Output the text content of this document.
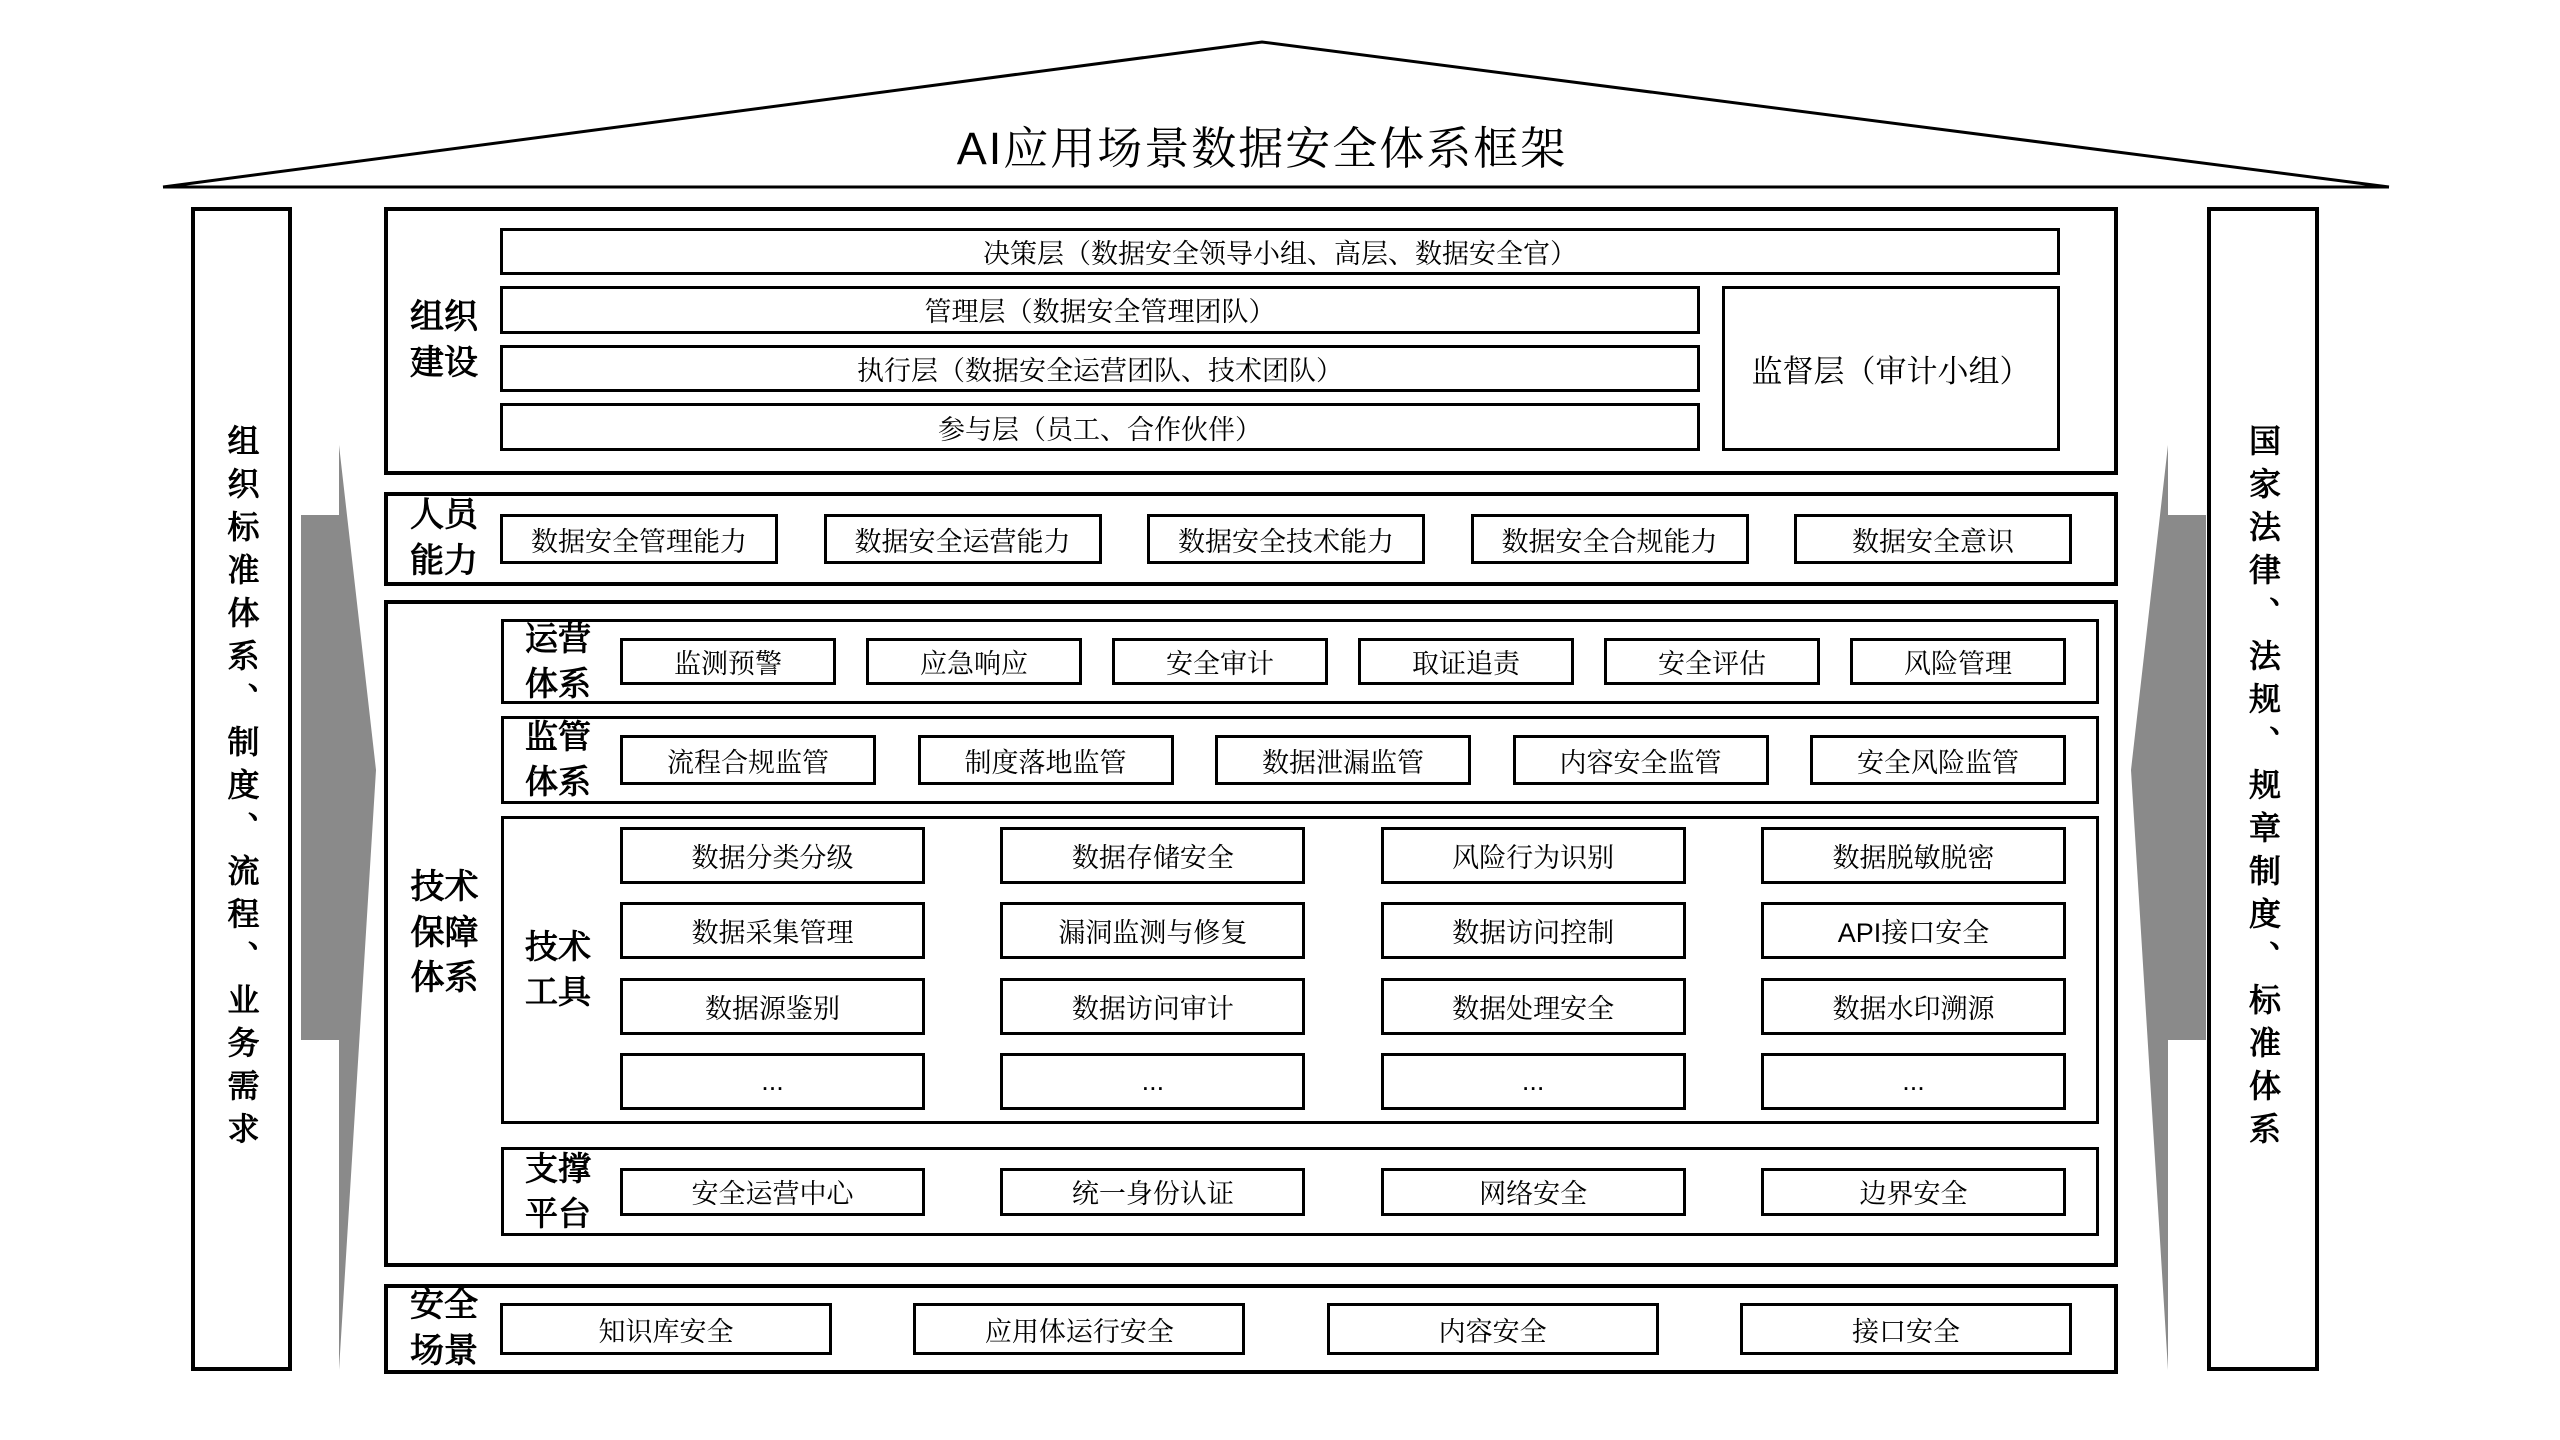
AI应用场景数据安全体系框架
组织标准体系、制度、流程、业务需求	国家法律、法规、规章制度、标准体系
组织建设
决策层（数据安全领导小组、高层、数据安全官）
管理层（数据安全管理团队）
执行层（数据安全运营团队、技术团队）
参与层（员工、合作伙伴）
监督层（审计小组）
人员能力
数据安全管理能力	数据安全运营能力	数据安全技术能力	数据安全合规能力	数据安全意识
技术保障体系
运营体系
监测预警	应急响应	安全审计	取证追责	安全评估	风险管理
监管体系
流程合规监管	制度落地监管	数据泄漏监管	内容安全监管	安全风险监管
技术工具
数据分类分级	数据存储安全	风险行为识别	数据脱敏脱密
数据采集管理	漏洞监测与修复	数据访问控制	API接口安全
数据源鉴别	数据访问审计	数据处理安全	数据水印溯源
...	...	...	...
支撑平台
安全运营中心	统一身份认证	网络安全	边界安全
安全场景
知识库安全	应用体运行安全	内容安全	接口安全
